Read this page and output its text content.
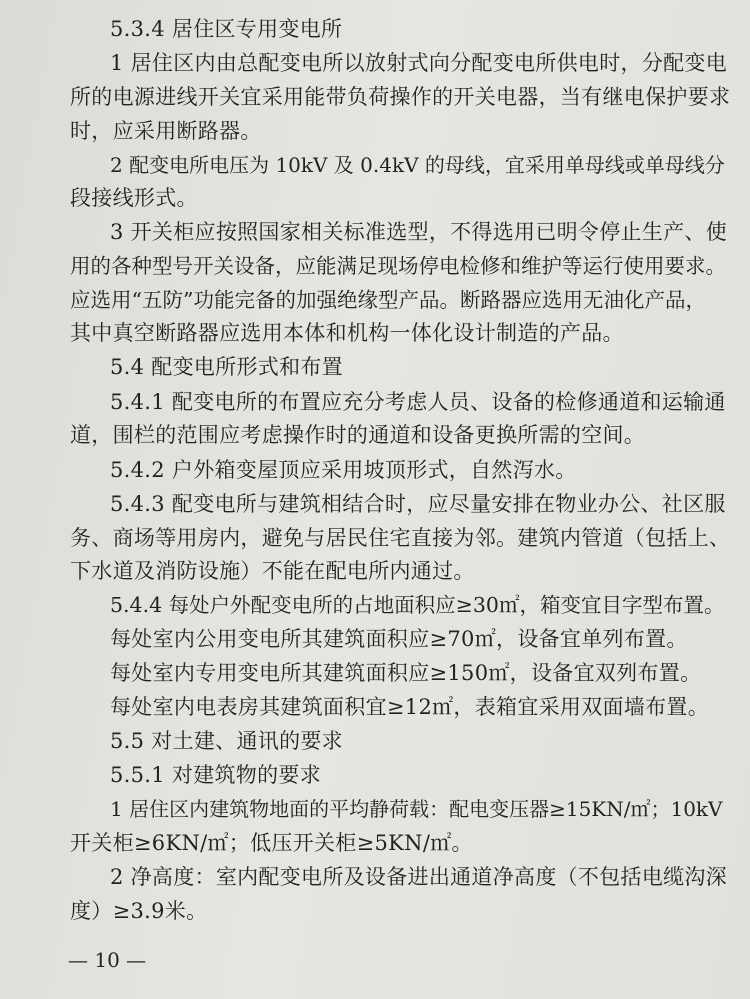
5.3.4 居住区专用变电所

1 居住区内由总配变电所以放射式向分配变电所供电时，分配变电

所的电源进线开关宜采用能带负荷操作的开关电器，当有继电保护要求

时，应采用断路器。

2 配变电所电压为 10kV 及 0.4kV 的母线，宜采用单母线或单母线分

段接线形式。

3 开关柜应按照国家相关标准选型，不得选用已明令停止生产、使

用的各种型号开关设备，应能满足现场停电检修和维护等运行使用要求。

应选用“五防”功能完备的加强绝缘型产品。断路器应选用无油化产品，

其中真空断路器应选用本体和机构一体化设计制造的产品。

5.4 配变电所形式和布置

5.4.1 配变电所的布置应充分考虑人员、设备的检修通道和运输通

道，围栏的范围应考虑操作时的通道和设备更换所需的空间。

5.4.2 户外箱变屋顶应采用坡顶形式，自然泻水。

5.4.3 配变电所与建筑相结合时，应尽量安排在物业办公、社区服

务、商场等用房内，避免与居民住宅直接为邻。建筑内管道（包括上、

下水道及消防设施）不能在配电所内通过。

5.4.4 每处户外配变电所的占地面积应≥30㎡，箱变宜目字型布置。

每处室内公用变电所其建筑面积应≥70㎡，设备宜单列布置。

每处室内专用变电所其建筑面积应≥150㎡，设备宜双列布置。

每处室内电表房其建筑面积宜≥12㎡，表箱宜采用双面墙布置。

5.5 对土建、通讯的要求

5.5.1 对建筑物的要求

1 居住区内建筑物地面的平均静荷载：配电变压器≥15KN/㎡；10kV

开关柜≥6KN/㎡；低压开关柜≥5KN/㎡。

2 净高度：室内配变电所及设备进出通道净高度（不包括电缆沟深

度）≥3.9米。

— 10 —
